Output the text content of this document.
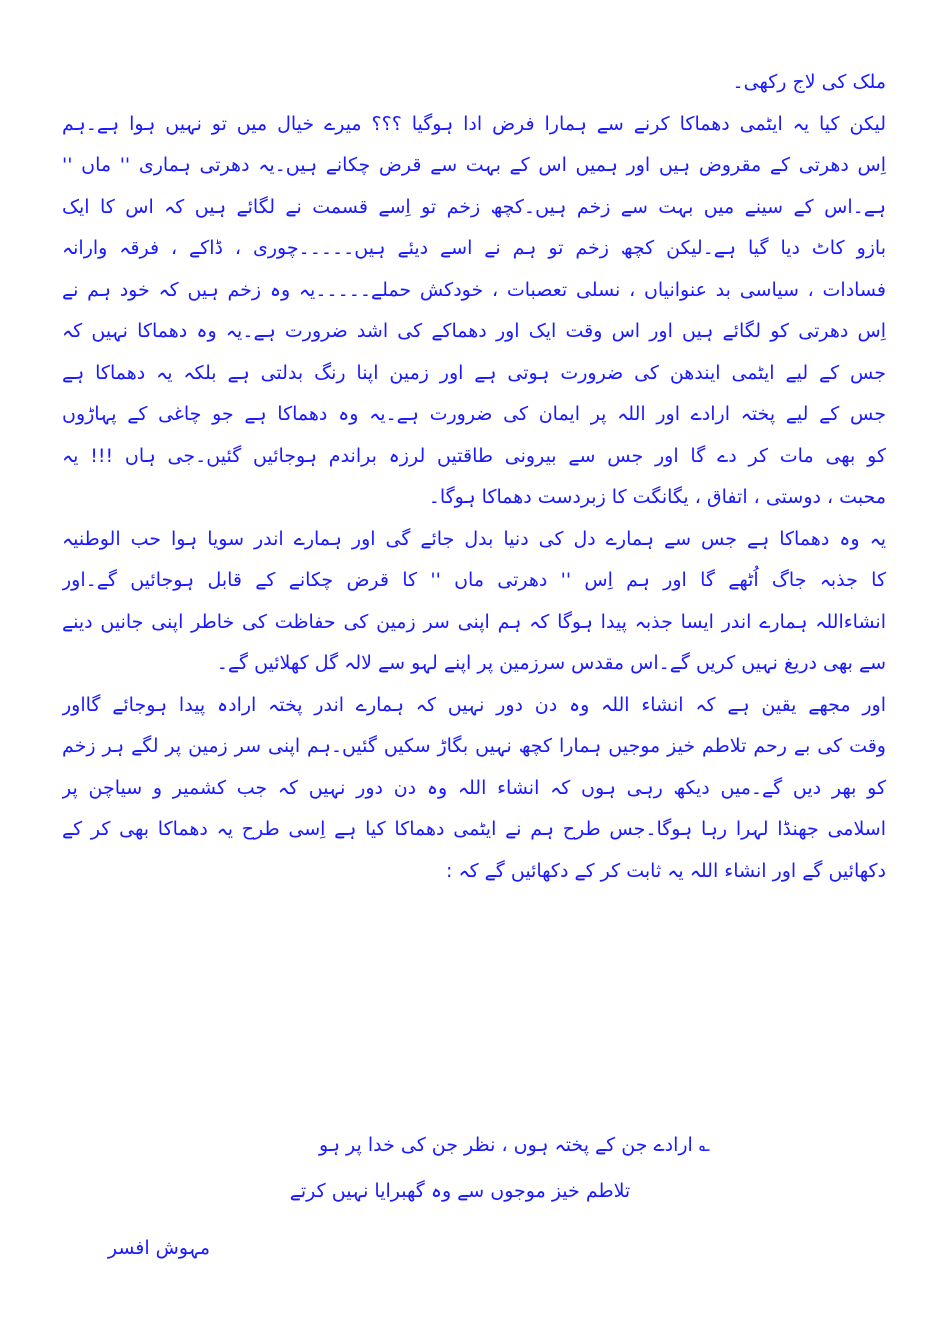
ملک کی لاج رکھی۔
لیکن کیا یہ ایٹمی دھماکا کرنے سے ہمارا فرض ادا ہوگیا ؟؟؟ میرے خیال میں تو نہیں ہوا ہے۔ہم
اِس دھرتی کے مقروض ہیں اور ہمیں اس کے بہت سے قرض چکانے ہیں۔یہ دھرتی ہماری '' ماں ''
ہے۔اس کے سینے میں بہت سے زخم ہیں۔کچھ زخم تو اِسے قسمت نے لگائے ہیں کہ اس کا ایک
بازو کاٹ دیا گیا ہے۔لیکن کچھ زخم تو ہم نے اسے دیئے ہیں۔۔۔۔۔چوری ، ڈاکے ، فرقہ وارانہ
فسادات ، سیاسی بد عنوانیاں ، نسلی تعصبات ، خودکش حملے۔۔۔۔۔یہ وہ زخم ہیں کہ خود ہم نے
اِس دھرتی کو لگائے ہیں اور اس وقت ایک اور دھماکے کی اشد ضرورت ہے۔یہ وہ دھماکا نہیں کہ
جس کے لیے ایٹمی ایندھن کی ضرورت ہوتی ہے اور زمین اپنا رنگ بدلتی ہے بلکہ یہ دھماکا ہے
جس کے لیے پختہ ارادے اور اللہ پر ایمان کی ضرورت ہے۔یہ وہ دھماکا ہے جو چاغی کے پہاڑوں
کو بھی مات کر دے گا اور جس سے بیرونی طاقتیں لرزہ براندم ہوجائیں گئیں۔جی ہاں !!! یہ
محبت ، دوستی ، اتفاق ، یگانگت کا زبردست دھماکا ہوگا۔
یہ وہ دھماکا ہے جس سے ہمارے دل کی دنیا بدل جائے گی اور ہمارے اندر سویا ہوا حب الوطنیہ
کا جذبہ جاگ اُٹھے گا اور ہم اِس '' دھرتی ماں '' کا قرض چکانے کے قابل ہوجائیں گے۔اور
انشاءاللہ ہمارے اندر ایسا جذبہ پیدا ہوگا کہ ہم اپنی سر زمین کی حفاظت کی خاطر اپنی جانیں دینے
سے بھی دریغ نہیں کریں گے۔اس مقدس سرزمین پر اپنے لہو سے لالہ گل کھلائیں گے۔
اور مجھے یقین ہے کہ انشاء اللہ وہ دن دور نہیں کہ ہمارے اندر پختہ ارادہ پیدا ہوجائے گااور
وقت کی بے رحم تلاطم خیز موجیں ہمارا کچھ نہیں بگاڑ سکیں گئیں۔ہم اپنی سر زمین پر لگے ہر زخم
کو بھر دیں گے۔میں دیکھ رہی ہوں کہ انشاء اللہ وہ دن دور نہیں کہ جب کشمیر و سیاچن پر
اسلامی جھنڈا لہرا رہا ہوگا۔جس طرح ہم نے ایٹمی دھماکا کیا ہے اِسی طرح یہ دھماکا بھی کر کے
دکھائیں گے اور انشاء اللہ یہ ثابت کر کے دکھائیں گے کہ :
؎ ارادے جن کے پختہ ہوں ، نظر جن کی خدا پر ہو
تلاطم خیز موجوں سے وہ گھبرایا نہیں کرتے
مہوش افسر
